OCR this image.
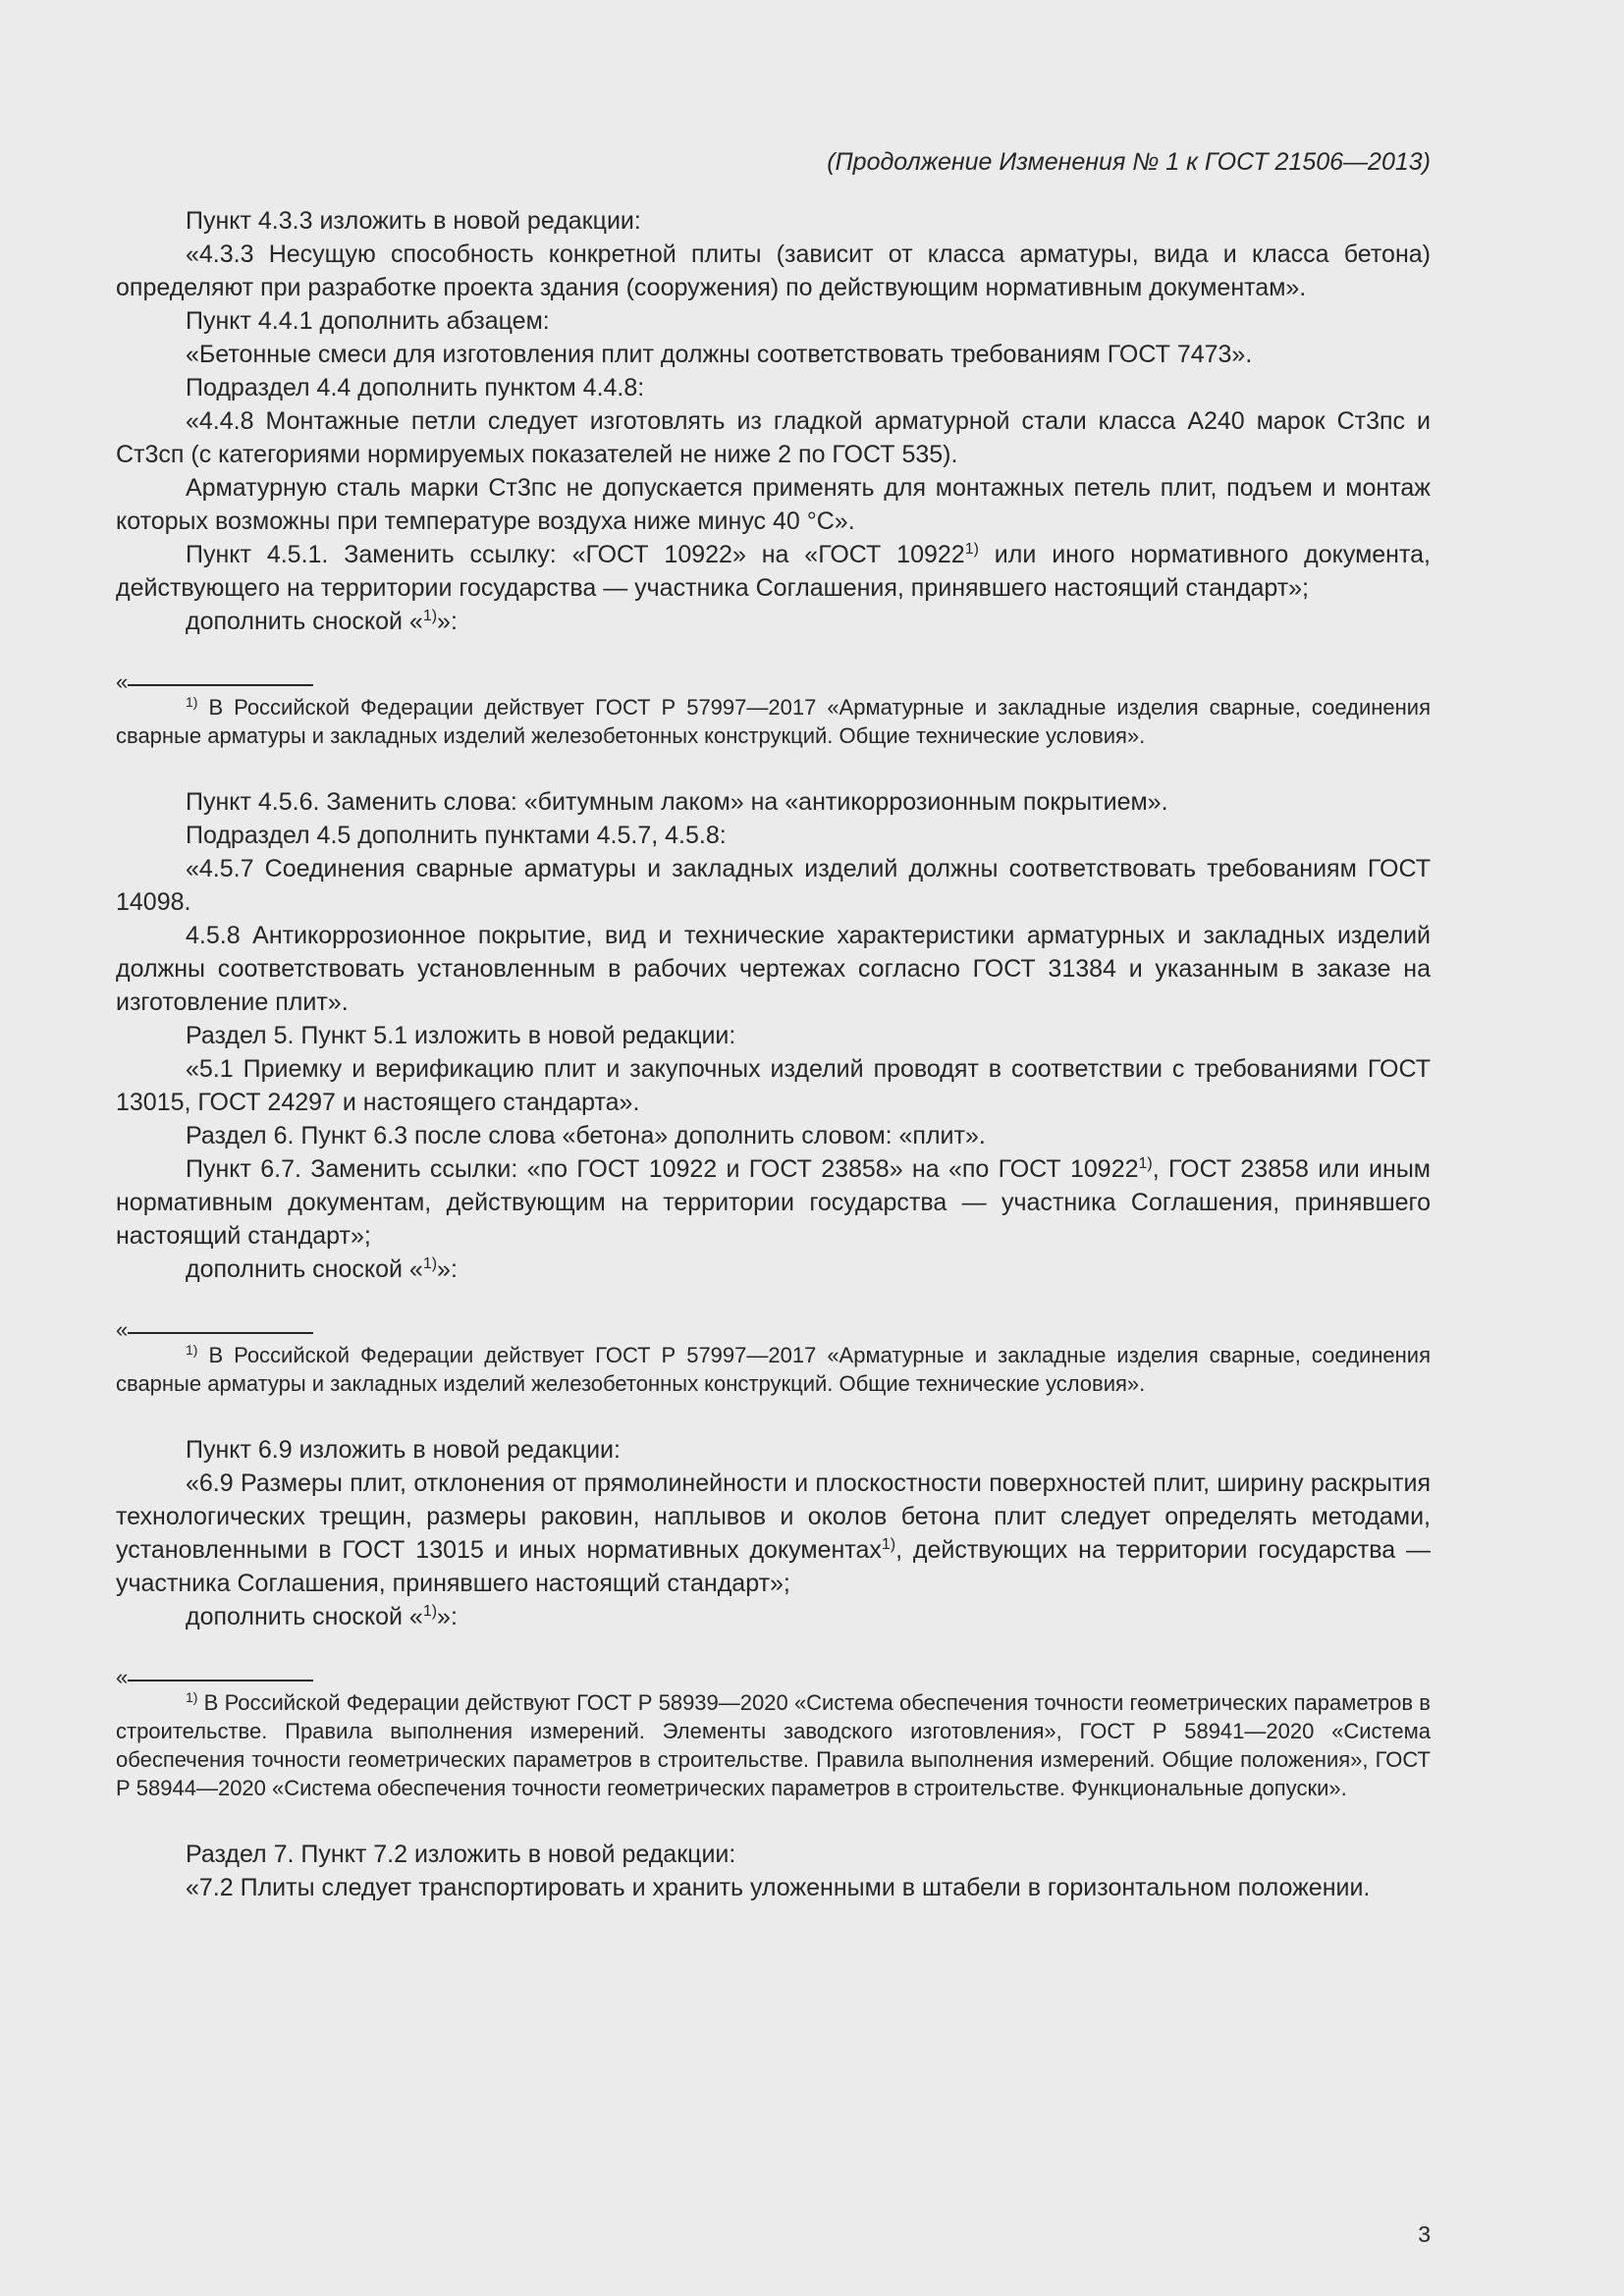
(Продолжение Изменения № 1 к ГОСТ 21506—2013)

Пункт 4.3.3 изложить в новой редакции:

«4.3.3 Несущую способность конкретной плиты (зависит от класса арматуры, вида и класса бетона) определяют при разработке проекта здания (сооружения) по действующим нормативным документам».

Пункт 4.4.1 дополнить абзацем:

«Бетонные смеси для изготовления плит должны соответствовать требованиям ГОСТ 7473».

Подраздел 4.4 дополнить пунктом 4.4.8:

«4.4.8 Монтажные петли следует изготовлять из гладкой арматурной стали класса А240 марок Ст3пс и Ст3сп (с категориями нормируемых показателей не ниже 2 по ГОСТ 535).

Арматурную сталь марки Ст3пс не допускается применять для монтажных петель плит, подъем и монтаж которых возможны при температуре воздуха ниже минус 40 °С».

Пункт 4.5.1. Заменить ссылку: «ГОСТ 10922» на «ГОСТ 10922$^{1)}$ или иного нормативного документа, действующего на территории государства — участника Соглашения, принявшего настоящий стандарт»;

дополнить сноской «$^{1)}$»:

«

$^{1)}$ В Российской Федерации действует ГОСТ Р 57997—2017 «Арматурные и закладные изделия сварные, соединения сварные арматуры и закладных изделий железобетонных конструкций. Общие технические условия».

Пункт 4.5.6. Заменить слова: «битумным лаком» на «антикоррозионным покрытием».

Подраздел 4.5 дополнить пунктами 4.5.7, 4.5.8:

«4.5.7 Соединения сварные арматуры и закладных изделий должны соответствовать требованиям ГОСТ 14098.

4.5.8 Антикоррозионное покрытие, вид и технические характеристики арматурных и закладных изделий должны соответствовать установленным в рабочих чертежах согласно ГОСТ 31384 и указанным в заказе на изготовление плит».

Раздел 5. Пункт 5.1 изложить в новой редакции:

«5.1 Приемку и верификацию плит и закупочных изделий проводят в соответствии с требованиями ГОСТ 13015, ГОСТ 24297 и настоящего стандарта».

Раздел 6. Пункт 6.3 после слова «бетона» дополнить словом: «плит».

Пункт 6.7. Заменить ссылки: «по ГОСТ 10922 и ГОСТ 23858» на «по ГОСТ 10922$^{1)}$, ГОСТ 23858 или иным нормативным документам, действующим на территории государства — участника Соглашения, принявшего настоящий стандарт»;

дополнить сноской «$^{1)}$»:

«

$^{1)}$ В Российской Федерации действует ГОСТ Р 57997—2017 «Арматурные и закладные изделия сварные, соединения сварные арматуры и закладных изделий железобетонных конструкций. Общие технические условия».

Пункт 6.9 изложить в новой редакции:

«6.9 Размеры плит, отклонения от прямолинейности и плоскостности поверхностей плит, ширину раскрытия технологических трещин, размеры раковин, наплывов и околов бетона плит следует определять методами, установленными в ГОСТ 13015 и иных нормативных документах$^{1)}$, действующих на территории государства — участника Соглашения, принявшего настоящий стандарт»;

дополнить сноской «$^{1)}$»:

«

$^{1)}$ В Российской Федерации действуют ГОСТ Р 58939—2020 «Система обеспечения точности геометрических параметров в строительстве. Правила выполнения измерений. Элементы заводского изготовления», ГОСТ Р 58941—2020 «Система обеспечения точности геометрических параметров в строительстве. Правила выполнения измерений. Общие положения», ГОСТ Р 58944—2020 «Система обеспечения точности геометрических параметров в строительстве. Функциональные допуски».

Раздел 7. Пункт 7.2 изложить в новой редакции:

«7.2 Плиты следует транспортировать и хранить уложенными в штабели в горизонтальном положении.

3
